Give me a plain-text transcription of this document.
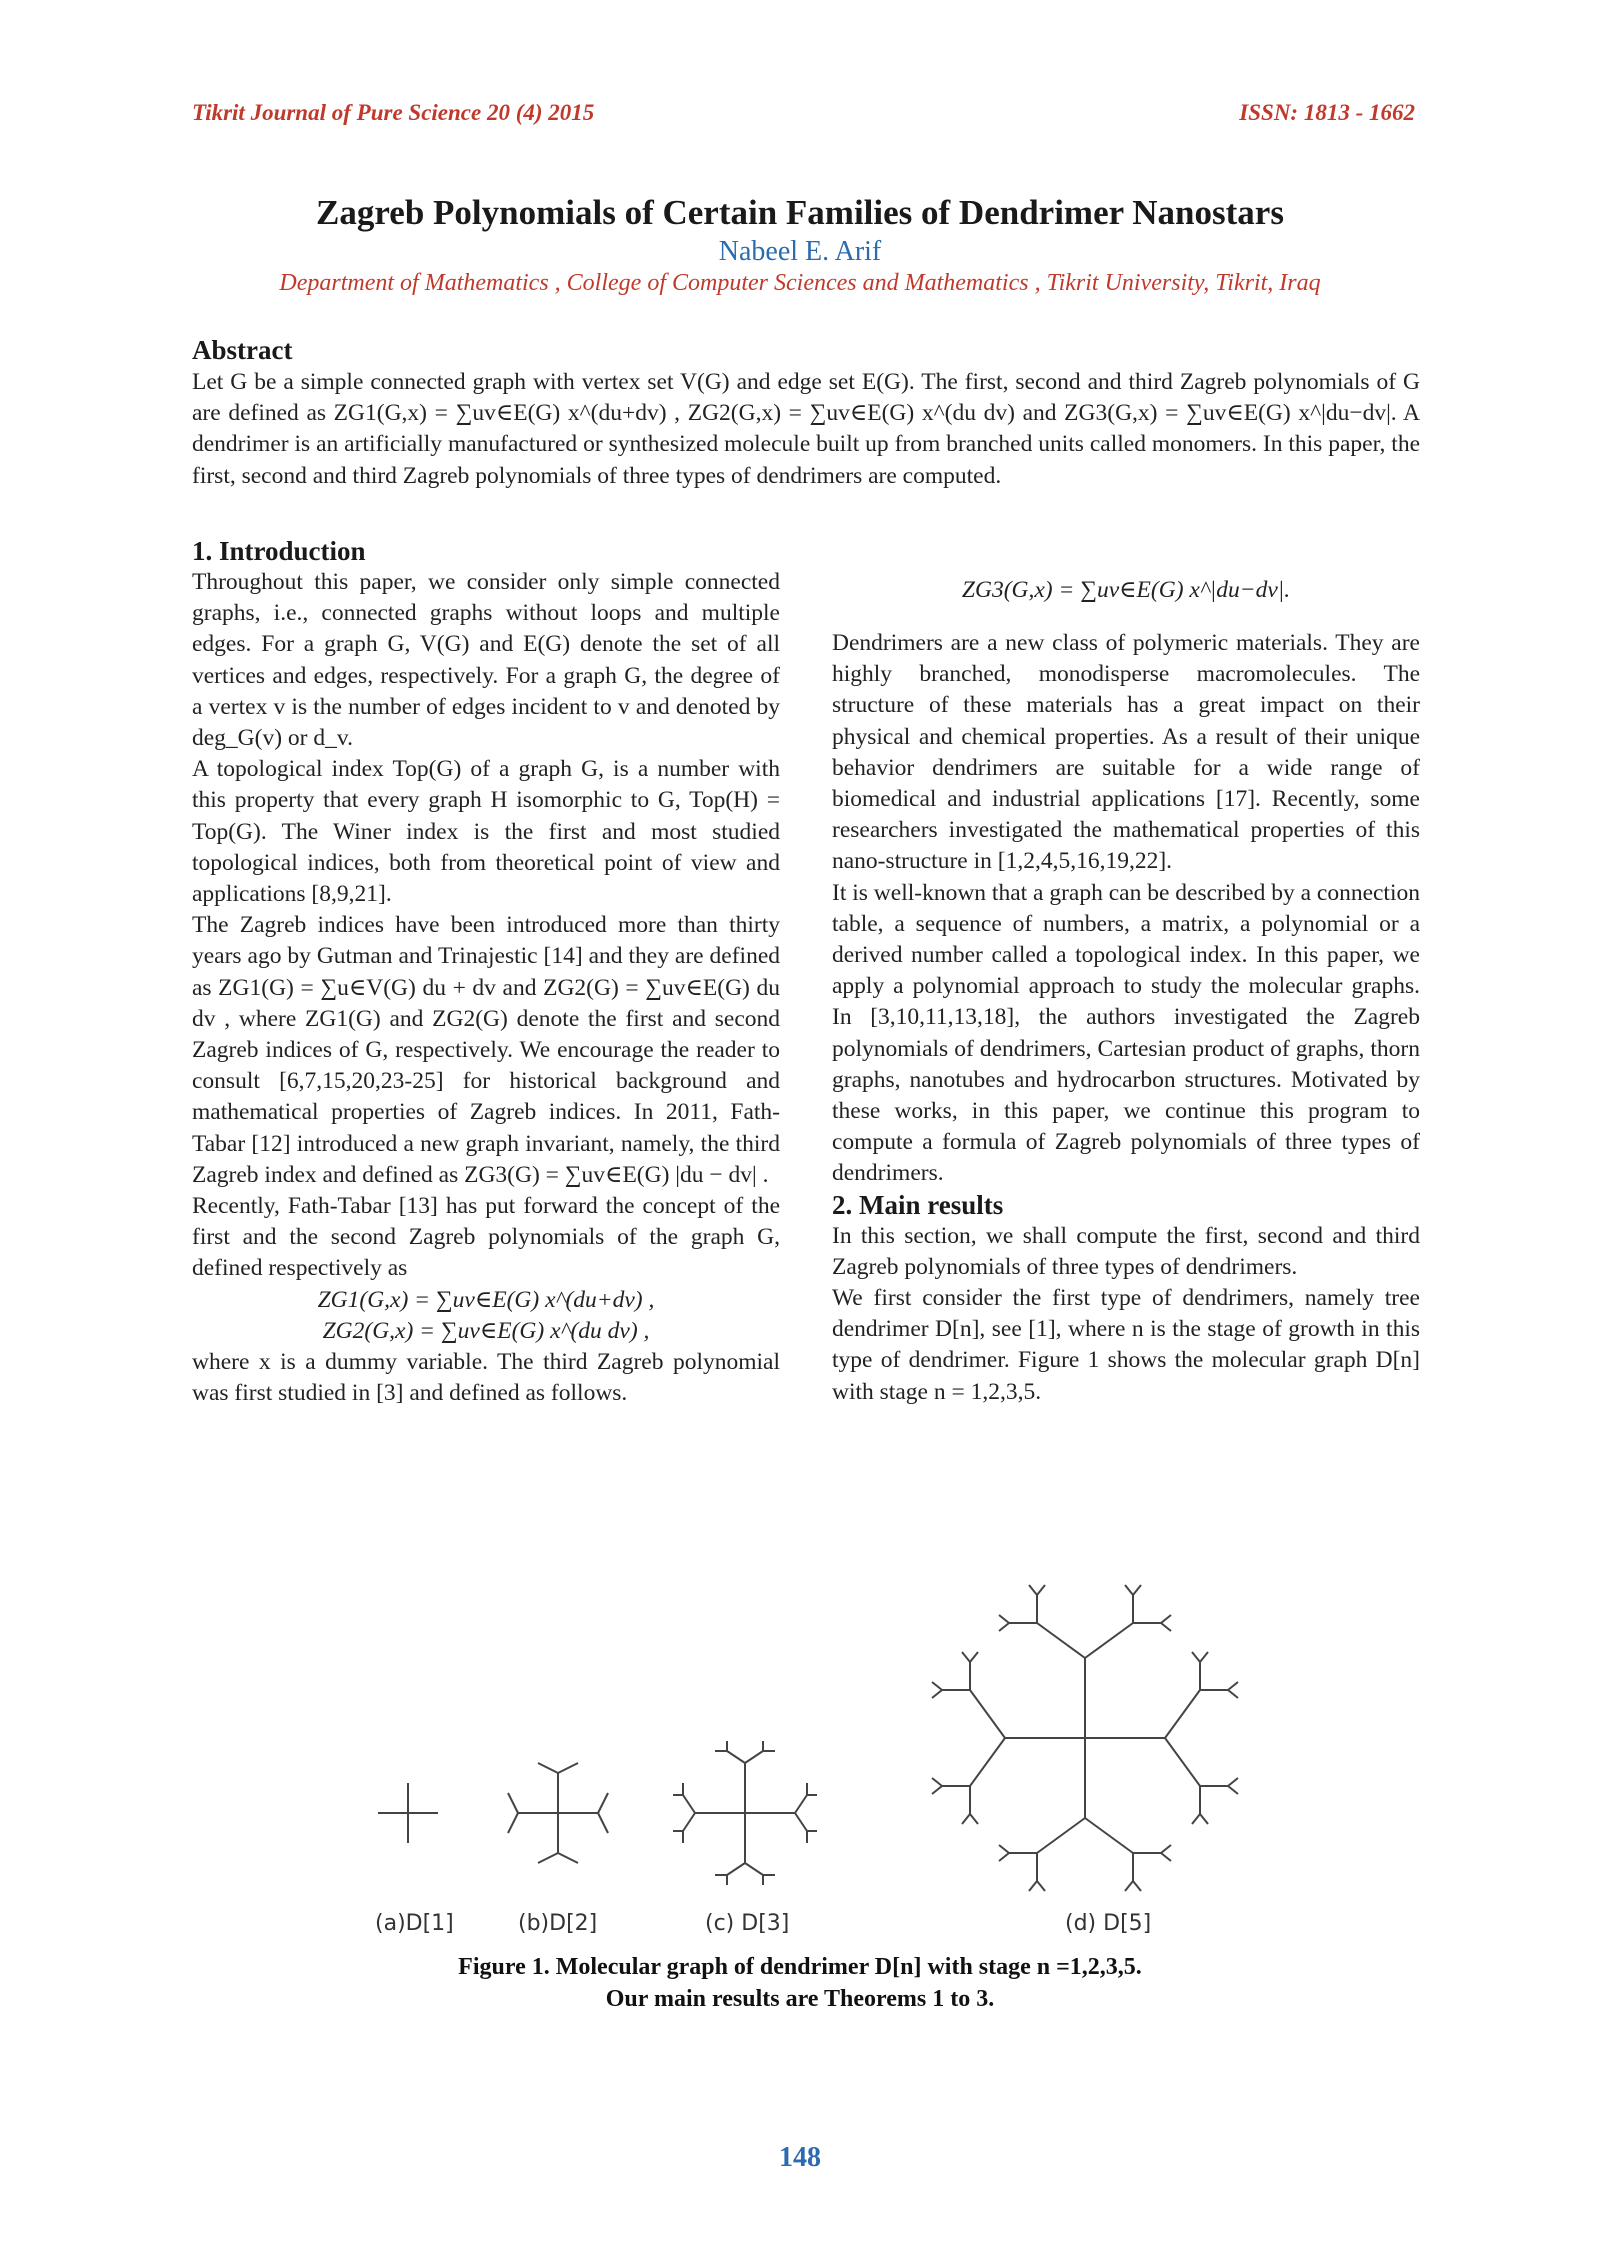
Tikrit Journal of Pure Science 20 (4) 2015	ISSN: 1813 - 1662
Zagreb Polynomials of Certain Families of Dendrimer Nanostars
Nabeel E. Arif
Department of Mathematics , College of Computer Sciences and Mathematics , Tikrit University, Tikrit, Iraq
Abstract

Let G be a simple connected graph with vertex set V(G) and edge set E(G). The first, second and third Zagreb polynomials of G are defined as ZG1(G,x) = ∑uv∈E(G) x^(du+dv) , ZG2(G,x) = ∑uv∈E(G) x^(du dv) and ZG3(G,x) = ∑uv∈E(G) x^|du−dv|. A dendrimer is an artificially manufactured or synthesized molecule built up from branched units called monomers. In this paper, the first, second and third Zagreb polynomials of three types of dendrimers are computed.

1. Introduction

Throughout this paper, we consider only simple connected graphs, i.e., connected graphs without loops and multiple edges. For a graph G, V(G) and E(G) denote the set of all vertices and edges, respectively. For a graph G, the degree of a vertex v is the number of edges incident to v and denoted by deg_G(v) or d_v.

A topological index Top(G) of a graph G, is a number with this property that every graph H isomorphic to G, Top(H) = Top(G). The Winer index is the first and most studied topological indices, both from theoretical point of view and applications [8,9,21].

The Zagreb indices have been introduced more than thirty years ago by Gutman and Trinajestic [14] and they are defined as ZG1(G) = ∑u∈V(G) du + dv and ZG2(G) = ∑uv∈E(G) du dv , where ZG1(G) and ZG2(G) denote the first and second Zagreb indices of G, respectively. We encourage the reader to consult [6,7,15,20,23-25] for historical background and mathematical properties of Zagreb indices. In 2011, Fath-Tabar [12] introduced a new graph invariant, namely, the third Zagreb index and defined as ZG3(G) = ∑uv∈E(G) |du − dv| .

Recently, Fath-Tabar [13] has put forward the concept of the first and the second Zagreb polynomials of the graph G, defined respectively as

ZG1(G,x) = ∑uv∈E(G) x^(du+dv) ,
ZG2(G,x) = ∑uv∈E(G) x^(du dv) ,

where x is a dummy variable. The third Zagreb polynomial was first studied in [3] and defined as follows.

ZG3(G,x) = ∑uv∈E(G) x^|du−dv|.

Dendrimers are a new class of polymeric materials. They are highly branched, monodisperse macromolecules. The structure of these materials has a great impact on their physical and chemical properties. As a result of their unique behavior dendrimers are suitable for a wide range of biomedical and industrial applications [17]. Recently, some researchers investigated the mathematical properties of this nano-structure in [1,2,4,5,16,19,22].

It is well-known that a graph can be described by a connection table, a sequence of numbers, a matrix, a polynomial or a derived number called a topological index. In this paper, we apply a polynomial approach to study the molecular graphs. In [3,10,11,13,18], the authors investigated the Zagreb polynomials of dendrimers, Cartesian product of graphs, thorn graphs, nanotubes and hydrocarbon structures. Motivated by these works, in this paper, we continue this program to compute a formula of Zagreb polynomials of three types of dendrimers.

2. Main results

In this section, we shall compute the first, second and third Zagreb polynomials of three types of dendrimers.

We first consider the first type of dendrimers, namely tree dendrimer D[n], see [1], where n is the stage of growth in this type of dendrimer. Figure 1 shows the molecular graph D[n] with stage n = 1,2,3,5.

(a)D[1]	(b)D[2]	(c) D[3]	(d) D[5]
Figure 1. Molecular graph of dendrimer D[n] with stage n =1,2,3,5.
Our main results are Theorems 1 to 3.
148
